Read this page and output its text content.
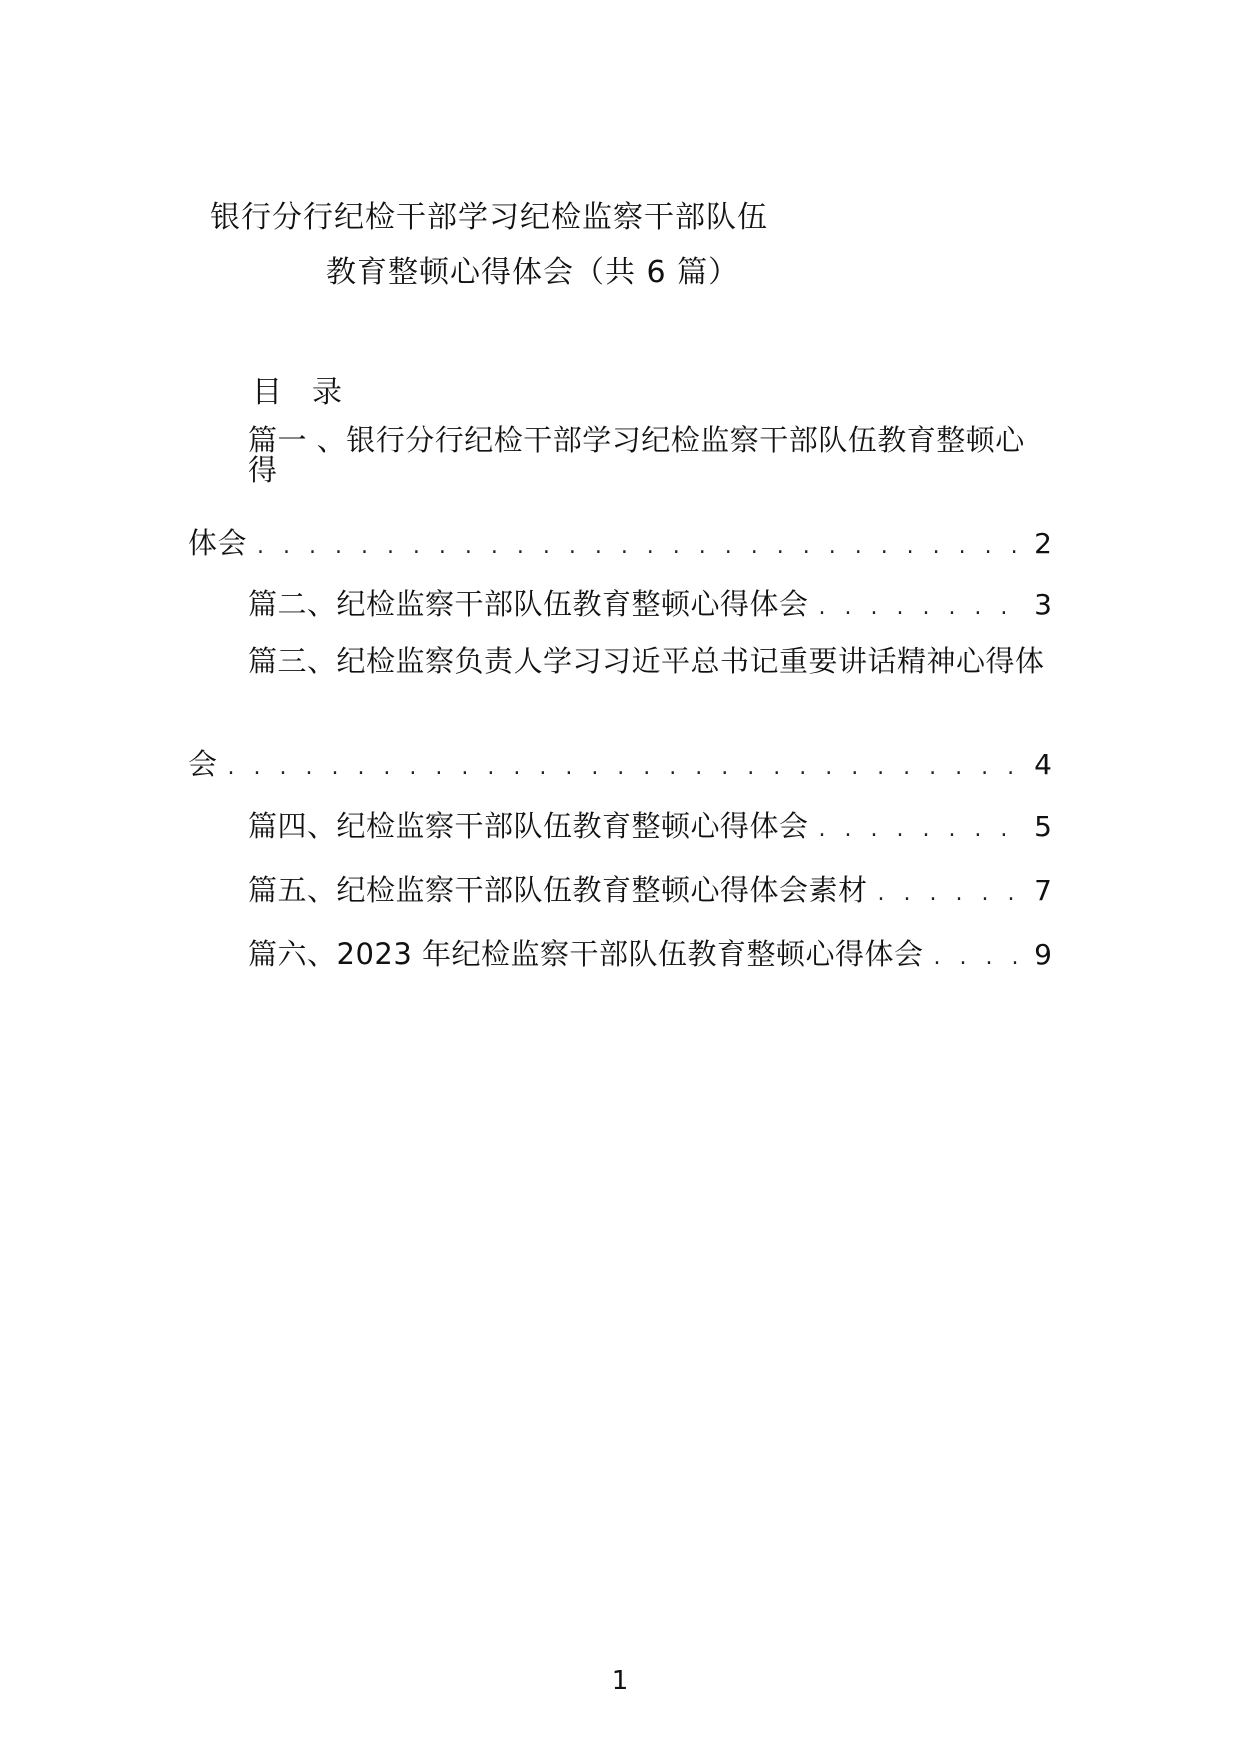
银行分行纪检干部学习纪检监察干部队伍
教育整顿心得体会（共 6 篇）
目 录
篇一 、银行分行纪检干部学习纪检监察干部队伍教育整顿心得
体会 . . .	2
篇二、纪检监察干部队伍教育整顿心得体会 . . .	3
篇三、纪检监察负责人学习习近平总书记重要讲话精神心得体
会 . . .	4
篇四、纪检监察干部队伍教育整顿心得体会 . . .	5
篇五、纪检监察干部队伍教育整顿心得体会素材 . . .	7
篇六、2023 年纪检监察干部队伍教育整顿心得体会 . . .	9
1
